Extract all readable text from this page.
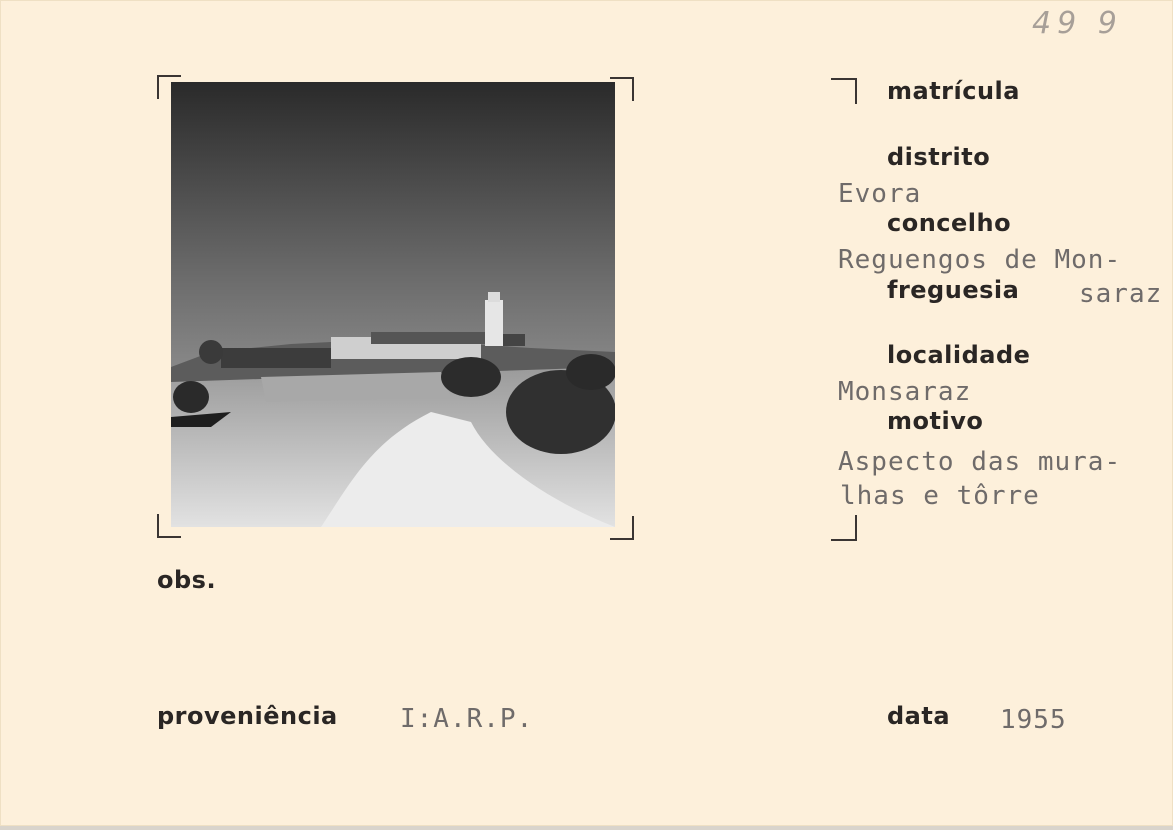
49 9
matrícula
distrito
Evora
concelho
Reguengos de Mon-
freguesia saraz
localidade
Monsaraz
motivo
Aspecto das mura-
lhas e tôrre
obs.
proveniência I:A.R.P.	data 1955
